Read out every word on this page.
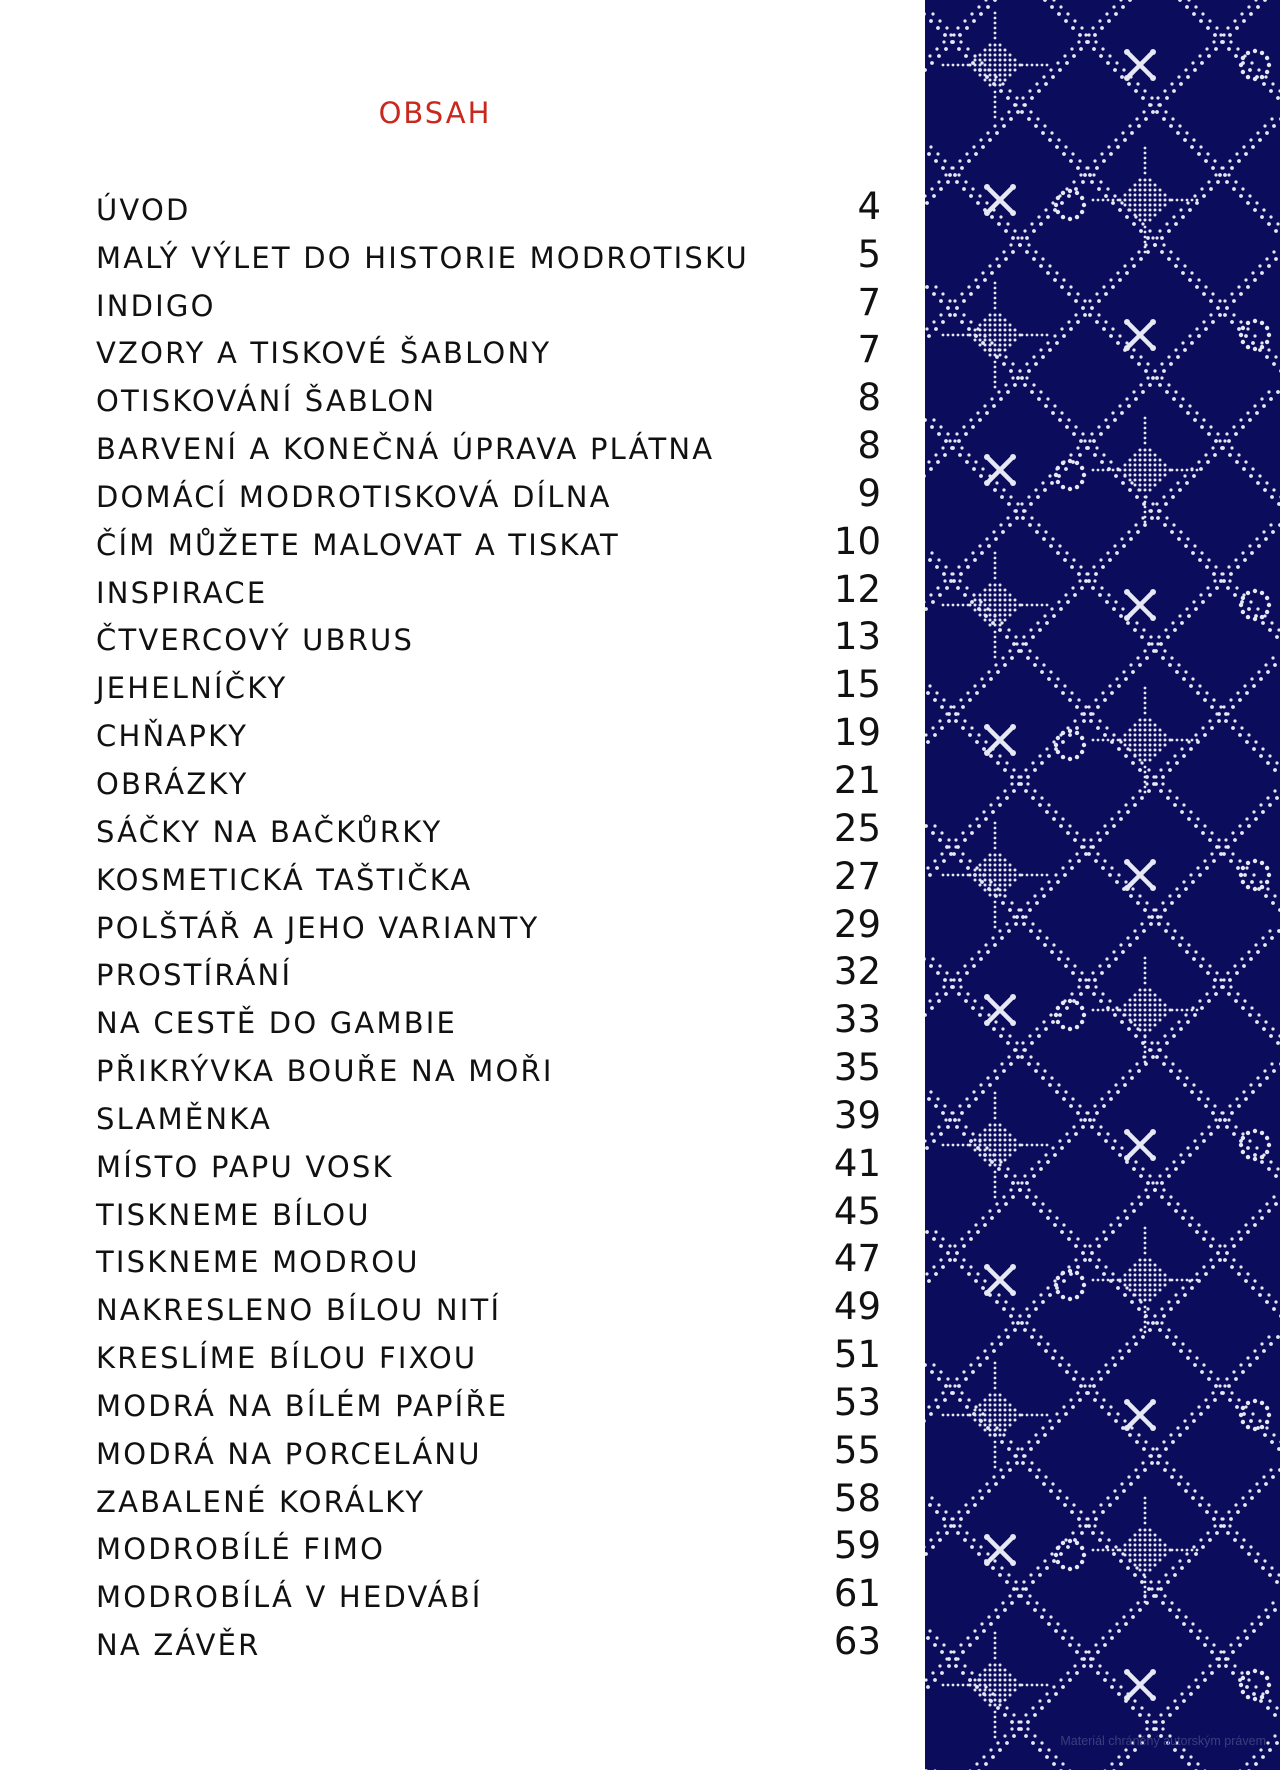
OBSAH
ÚVOD	4
MALÝ VÝLET DO HISTORIE MODROTISKU	5
INDIGO	7
VZORY A TISKOVÉ ŠABLONY	7
OTISKOVÁNÍ ŠABLON	8
BARVENÍ A KONEČNÁ ÚPRAVA PLÁTNA	8
DOMÁCÍ MODROTISKOVÁ DÍLNA	9
ČÍM MŮŽETE MALOVAT A TISKAT	10
INSPIRACE	12
ČTVERCOVÝ UBRUS	13
JEHELNÍČKY	15
CHŇAPKY	19
OBRÁZKY	21
SÁČKY NA BAČKŮRKY	25
KOSMETICKÁ TAŠTIČKA	27
POLŠTÁŘ A JEHO VARIANTY	29
PROSTÍRÁNÍ	32
NA CESTĚ DO GAMBIE	33
PŘIKRÝVKA BOUŘE NA MOŘI	35
SLAMĚNKA	39
MÍSTO PAPU VOSK	41
TISKNEME BÍLOU	45
TISKNEME MODROU	47
NAKRESLENO BÍLOU NITÍ	49
KRESLÍME BÍLOU FIXOU	51
MODRÁ NA BÍLÉM PAPÍŘE	53
MODRÁ NA PORCELÁNU	55
ZABALENÉ KORÁLKY	58
MODROBÍLÉ FIMO	59
MODROBÍLÁ V HEDVÁBÍ	61
NA ZÁVĚR	63
Materiál chráněný autorským právem
